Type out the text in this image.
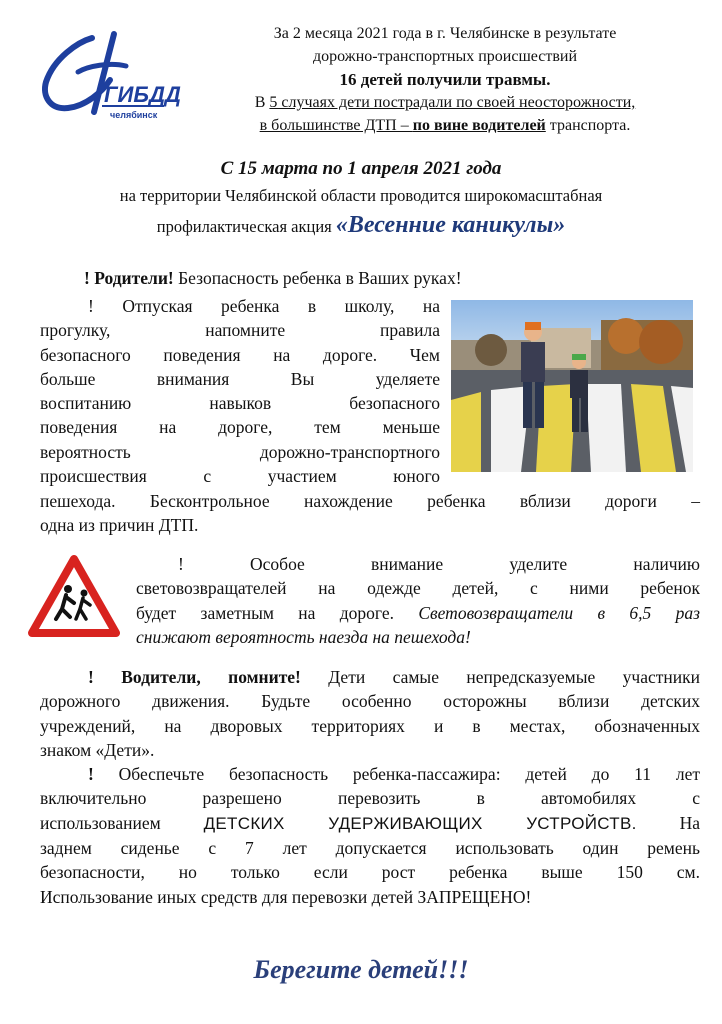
ГИБДД
челябинск
За 2 месяца 2021 года в г. Челябинске в результате
дорожно-транспортных происшествий
16 детей получили травмы.
В 5 случаях дети пострадали по своей неосторожности,
в большинстве ДТП – по вине водителей транспорта.
С 15 марта по 1 апреля 2021 года
на территории Челябинской области проводится широкомасштабная
профилактическая акция «Весенние каникулы»
! Родители! Безопасность ребенка в Ваших руках!
! Отпуская ребенка в школу, на
прогулку, напомните правила
безопасного поведения на дороге. Чем
больше внимания Вы уделяете
воспитанию навыков безопасного
поведения на дороге, тем меньше
вероятность дорожно-транспортного
происшествия с участием юного
пешехода. Бесконтрольное нахождение ребенка вблизи дороги –
одна из причин ДТП.
! Особое внимание уделите наличию
световозвращателей на одежде детей, с ними ребенок
будет заметным на дороге. Световозвращатели в 6,5 раз
снижают вероятность наезда на пешехода!
! Водители, помните! Дети самые непредсказуемые участники
дорожного движения. Будьте особенно осторожны вблизи детских
учреждений, на дворовых территориях и в местах, обозначенных
знаком «Дети».
! Обеспечьте безопасность ребенка-пассажира: детей до 11 лет
включительно разрешено перевозить в автомобилях с
использованием ДЕТСКИХ УДЕРЖИВАЮЩИХ УСТРОЙСТВ. На
заднем сиденье с 7 лет допускается использовать один ремень
безопасности, но только если рост ребенка выше 150 см.
Использование иных средств для перевозки детей ЗАПРЕЩЕНО!
Берегите детей!!!
